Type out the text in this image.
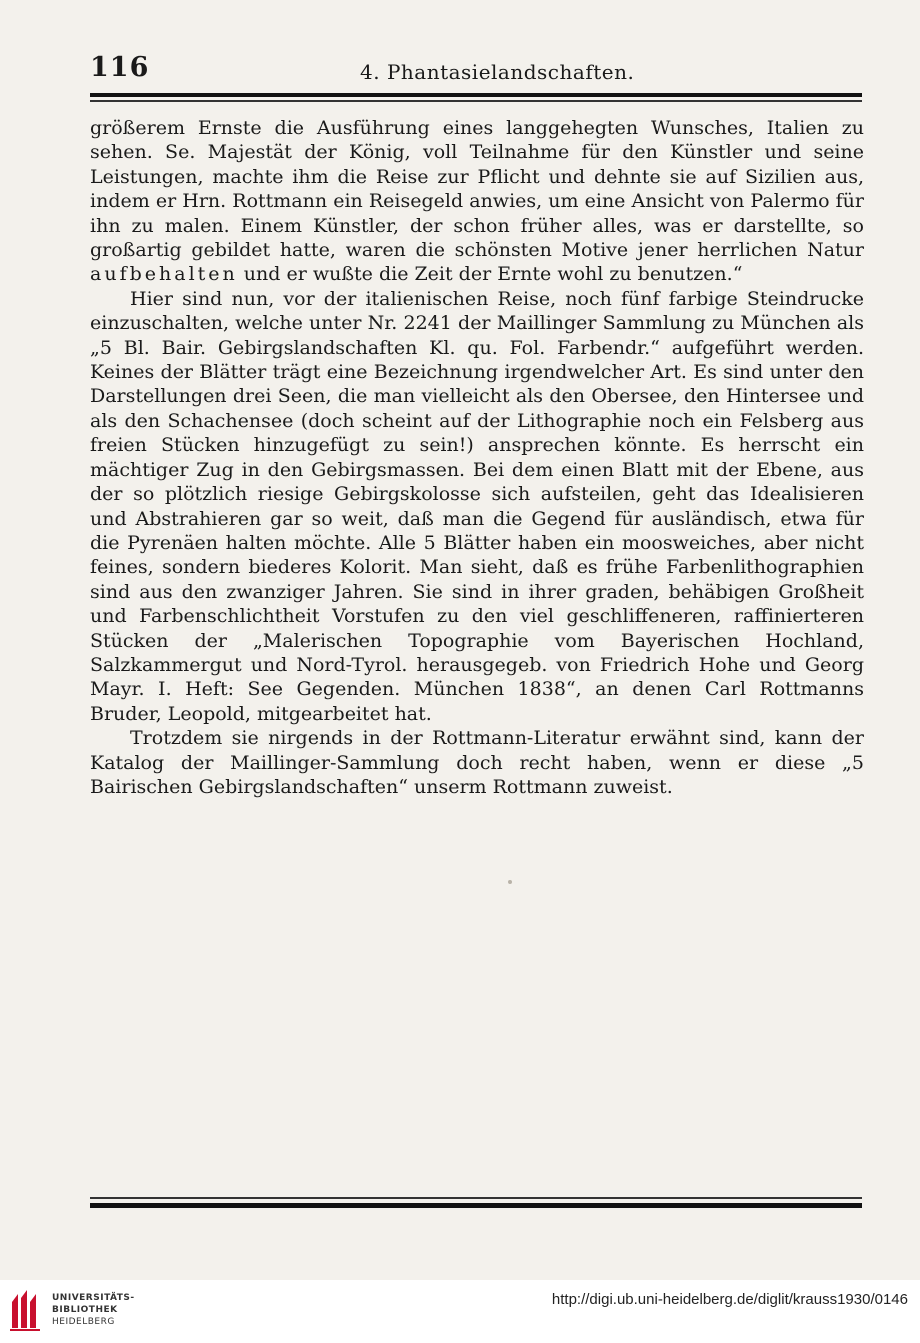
116	4. Phantasielandschaften.

größerem Ernste die Ausführung eines langgehegten Wunsches, Italien zu sehen. Se. Majestät der König, voll Teilnahme für den Künstler und seine Leistungen, machte ihm die Reise zur Pflicht und dehnte sie auf Sizilien aus, indem er Hrn. Rottmann ein Reisegeld anwies, um eine Ansicht von Palermo für ihn zu malen. Einem Künstler, der schon früher alles, was er darstellte, so großartig gebildet hatte, waren die schönsten Motive jener herrlichen Natur aufbehalten und er wußte die Zeit der Ernte wohl zu benutzen.“

Hier sind nun, vor der italienischen Reise, noch fünf farbige Steindrucke einzuschalten, welche unter Nr. 2241 der Maillinger Sammlung zu München als „5 Bl. Bair. Gebirgslandschaften Kl. qu. Fol. Farbendr.“ aufgeführt werden. Keines der Blätter trägt eine Bezeichnung irgendwelcher Art. Es sind unter den Darstellungen drei Seen, die man vielleicht als den Obersee, den Hintersee und als den Schachensee (doch scheint auf der Lithographie noch ein Felsberg aus freien Stücken hinzugefügt zu sein!) ansprechen könnte. Es herrscht ein mächtiger Zug in den Gebirgsmassen. Bei dem einen Blatt mit der Ebene, aus der so plötzlich riesige Gebirgskolosse sich aufsteilen, geht das Idealisieren und Abstrahieren gar so weit, daß man die Gegend für ausländisch, etwa für die Pyrenäen halten möchte. Alle 5 Blätter haben ein moosweiches, aber nicht feines, sondern biederes Kolorit. Man sieht, daß es frühe Farbenlithographien sind aus den zwanziger Jahren. Sie sind in ihrer graden, behäbigen Großheit und Farbenschlichtheit Vorstufen zu den viel geschliffeneren, raffinierteren Stücken der „Malerischen Topographie vom Bayerischen Hochland, Salzkammergut und Nord-Tyrol. herausgegeb. von Friedrich Hohe und Georg Mayr. I. Heft: See Gegenden. München 1838“, an denen Carl Rottmanns Bruder, Leopold, mitgearbeitet hat.

Trotzdem sie nirgends in der Rottmann-Literatur erwähnt sind, kann der Katalog der Maillinger-Sammlung doch recht haben, wenn er diese „5 Bairischen Gebirgslandschaften“ unserm Rottmann zuweist.

UNIVERSITÄTS-
BIBLIOTHEK
HEIDELBERG
http://digi.ub.uni-heidelberg.de/diglit/krauss1930/0146
